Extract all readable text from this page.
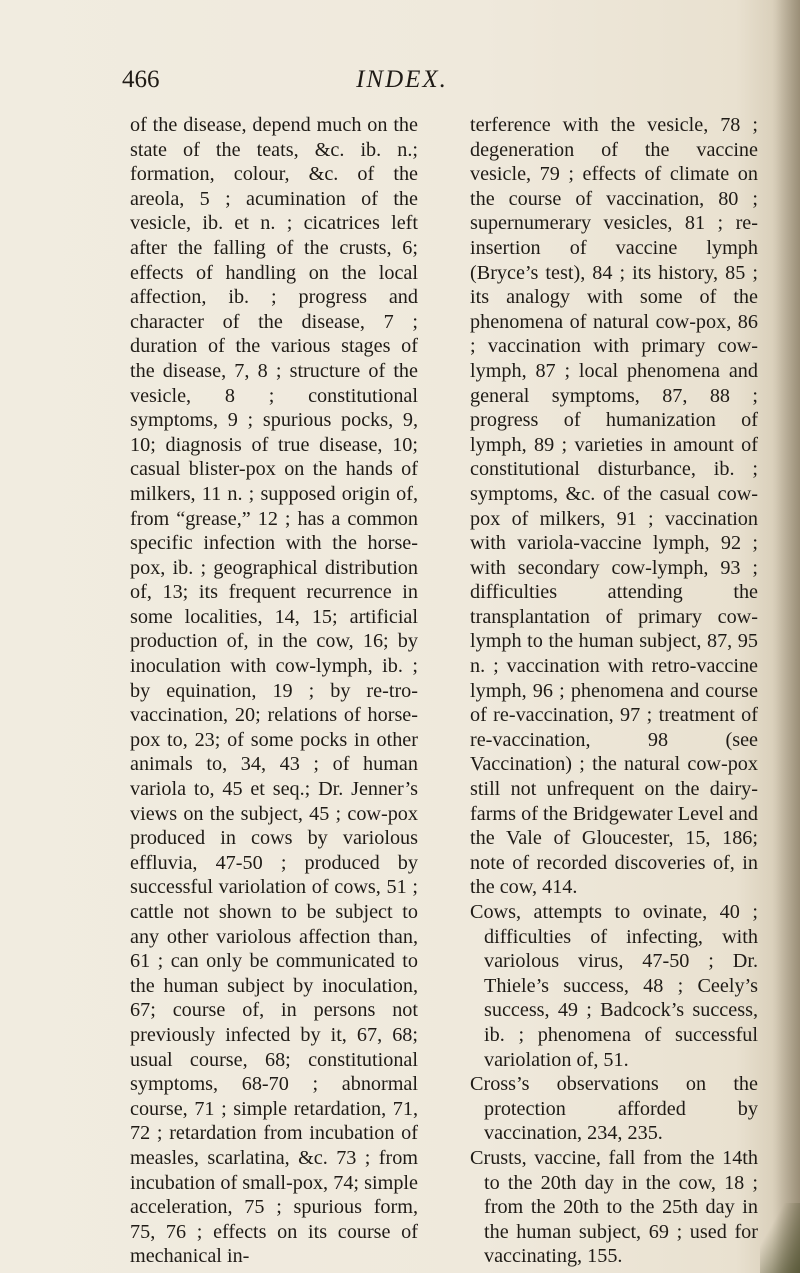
466	INDEX.

of the disease, depend much on the state of the teats, &c. ib. n.; formation, colour, &c. of the areola, 5 ; acumination of the vesicle, ib. et n. ; cicatrices left after the falling of the crusts, 6; effects of handling on the local affection, ib. ; progress and character of the disease, 7 ; duration of the various stages of the disease, 7, 8 ; structure of the vesicle, 8 ; constitutional symptoms, 9 ; spurious pocks, 9, 10; diagnosis of true disease, 10; casual blister-pox on the hands of milkers, 11 n. ; supposed origin of, from “grease,” 12 ; has a common specific infection with the horse-pox, ib. ; geographical distribution of, 13; its frequent recurrence in some localities, 14, 15; artificial production of, in the cow, 16; by inoculation with cow-lymph, ib. ; by equination, 19 ; by re-tro-vaccination, 20; relations of horse-pox to, 23; of some pocks in other animals to, 34, 43 ; of human variola to, 45 et seq.; Dr. Jenner’s views on the subject, 45 ; cow-pox produced in cows by variolous effluvia, 47-50 ; produced by successful variolation of cows, 51 ; cattle not shown to be subject to any other variolous affection than, 61 ; can only be communicated to the human subject by inoculation, 67; course of, in persons not previously infected by it, 67, 68; usual course, 68; constitutional symptoms, 68-70 ; abnormal course, 71 ; simple retardation, 71, 72 ; retardation from incubation of measles, scarlatina, &c. 73 ; from incubation of small-pox, 74; simple acceleration, 75 ; spurious form, 75, 76 ; effects on its course of mechanical in-

terference with the vesicle, 78 ; degeneration of the vaccine vesicle, 79 ; effects of climate on the course of vaccination, 80 ; supernumerary vesicles, 81 ; re-insertion of vaccine lymph (Bryce’s test), 84 ; its history, 85 ; its analogy with some of the phenomena of natural cow-pox, 86 ; vaccination with primary cow-lymph, 87 ; local phenomena and general symptoms, 87, 88 ; progress of humanization of lymph, 89 ; varieties in amount of constitutional disturbance, ib. ; symptoms, &c. of the casual cow-pox of milkers, 91 ; vaccination with variola-vaccine lymph, 92 ; with secondary cow-lymph, 93 ; difficulties attending the transplantation of primary cow-lymph to the human subject, 87, 95 n. ; vaccination with retro-vaccine lymph, 96 ; phenomena and course of re-vaccination, 97 ; treatment of re-vaccination, 98 (see Vaccination) ; the natural cow-pox still not unfrequent on the dairy-farms of the Bridgewater Level and the Vale of Gloucester, 15, 186; note of recorded discoveries of, in the cow, 414.

Cows, attempts to ovinate, 40 ; difficulties of infecting, with variolous virus, 47-50 ; Dr. Thiele’s success, 48 ; Ceely’s success, 49 ; Badcock’s success, ib. ; phenomena of successful variolation of, 51.

Cross’s observations on the protection afforded by vaccination, 234, 235.

Crusts, vaccine, fall from the 14th to the 20th day in the cow, 18 ; from the 20th to the 25th day in the human subject, 69 ; used for vaccinating, 155.
